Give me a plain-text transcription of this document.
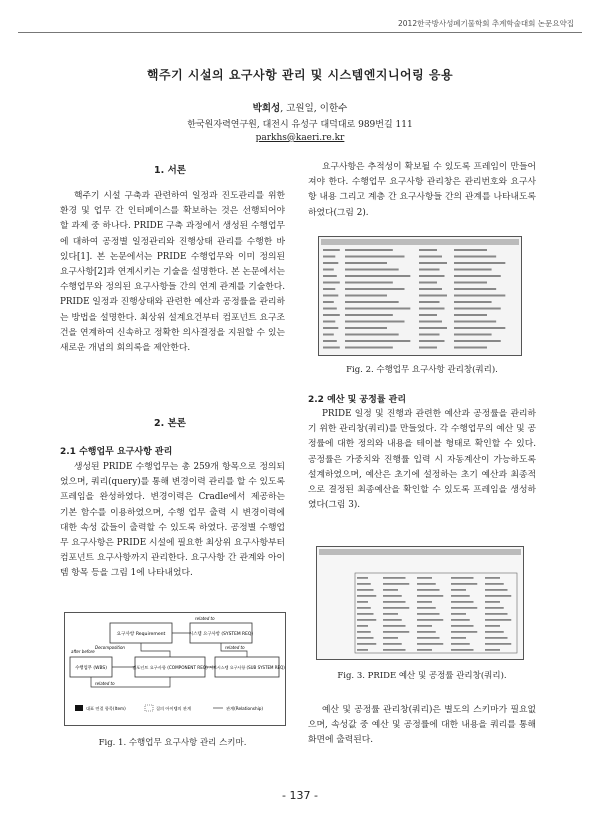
2012한국방사성폐기물학회 추계학술대회 논문요약집
핵주기 시설의 요구사항 관리 및 시스템엔지니어링 응용
박희성, 고원일, 이한수
한국원자력연구원, 대전시 유성구 대덕대로 989번길 111
parkhs@kaeri.re.kr
1. 서론

핵주기 시설 구축과 관련하여 일정과 진도관리를 위한 환경 및 업무 간 인터페이스를 확보하는 것은 선행되어야 할 과제 중 하나다. PRIDE 구축 과정에서 생성된 수행업무에 대하여 공정별 일정관리와 진행상태 관리를 수행한 바 있다[1]. 본 논문에서는 PRIDE 수행업무와 이미 정의된 요구사항[2]과 연계시키는 기술을 설명한다. 본 논문에서는 수행업무와 정의된 요구사항들 간의 연계 관계를 기술한다. PRIDE 일정과 진행상태와 관련한 예산과 공정률을 관리하는 방법을 설명한다. 최상위 설계요건부터 컴포넌트 요구조건을 연계하여 신속하고 정확한 의사결정을 지원할 수 있는 새로운 개념의 회의록을 제안한다.

2. 본론
2.1 수행업무 요구사항 관리

생성된 PRIDE 수행업무는 총 259개 항목으로 정의되었으며, 쿼리(query)를 통해 변경이력 관리를 할 수 있도록 프레임을 완성하였다. 변경이력은 Cradle에서 제공하는 기본 함수를 이용하였으며, 수행 업무 출력 시 변경이력에 대한 속성 값들이 출력할 수 있도록 하였다. 공정별 수행업무 요구사항은 PRIDE 시설에 필요한 최상위 요구사항부터 컴포넌트 요구사항까지 관리한다. 요구사항 간 관계와 아이템 항목 등을 그림 1에 나타내었다.

요구사항 Requirement	시스템 요구사항 (SYSTEM REQ)
수행업무 (WBS)	컴포넌트 요구사항 (COMPONENT REQ) 서브시스템 요구사항 (SUB SYSTEM REQ)
related to
related to
Decomposition
after before
related to
대표 연결 항목(Item)	질의 아이템의 관계	관계(Relationship)
Fig. 1. 수행업무 요구사항 관리 스키마.

요구사항은 추적성이 확보될 수 있도록 프레임이 만들어져야 한다. 수행업무 요구사항 관리창은 관리번호와 요구사항 내용 그리고 계층 간 요구사항들 간의 관계를 나타내도록 하였다(그림 2).

Fig. 2. 수행업무 요구사항 관리창(쿼리).
2.2 예산 및 공정률 관리

PRIDE 일정 및 진행과 관련한 예산과 공정률을 관리하기 위한 관리창(쿼리)를 만들었다. 각 수행업무의 예산 및 공정률에 대한 정의와 내용을 테이블 형태로 확인할 수 있다. 공정률은 가중치와 진행률 입력 시 자동계산이 가능하도록 설계하였으며, 예산은 초기에 설정하는 초기 예산과 최종적으로 결정된 최종예산을 확인할 수 있도록 프레임을 생성하였다(그림 3).

Fig. 3. PRIDE 예산 및 공정률 관리창(쿼리).

예산 및 공정률 관리창(쿼리)은 별도의 스키마가 필요없으며, 속성값 중 예산 및 공정률에 대한 내용을 쿼리를 통해 화면에 출력된다.

- 137 -
